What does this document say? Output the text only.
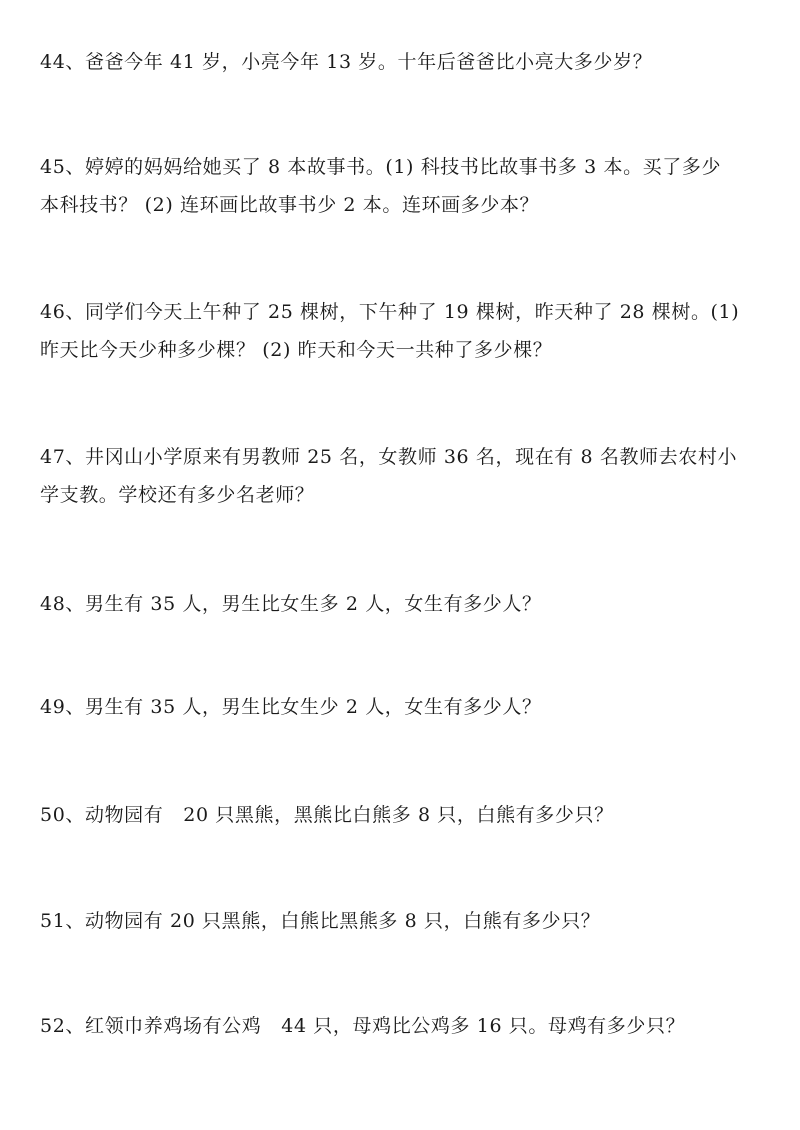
44、爸爸今年 41 岁，小亮今年 13 岁。十年后爸爸比小亮大多少岁？
45、婷婷的妈妈给她买了 8 本故事书。(1) 科技书比故事书多 3 本。买了多少
本科技书？ (2) 连环画比故事书少 2 本。连环画多少本？
46、同学们今天上午种了 25 棵树，下午种了 19 棵树，昨天种了 28 棵树。(1)
昨天比今天少种多少棵？ (2) 昨天和今天一共种了多少棵？
47、井冈山小学原来有男教师 25 名，女教师 36 名，现在有 8 名教师去农村小
学支教。学校还有多少名老师？
48、男生有 35 人，男生比女生多 2 人，女生有多少人？
49、男生有 35 人，男生比女生少 2 人，女生有多少人？
50、动物园有   20 只黑熊，黑熊比白熊多 8 只，白熊有多少只？
51、动物园有 20 只黑熊，白熊比黑熊多 8 只，白熊有多少只？
52、红领巾养鸡场有公鸡   44 只，母鸡比公鸡多 16 只。母鸡有多少只？
